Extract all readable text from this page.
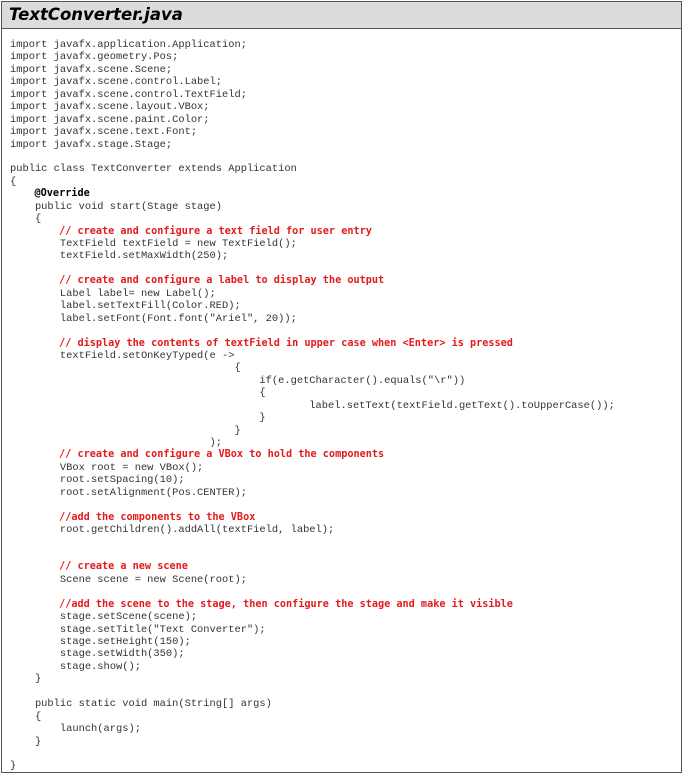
TextConverter.java
import javafx.application.Application;
import javafx.geometry.Pos;
import javafx.scene.Scene;
import javafx.scene.control.Label;
import javafx.scene.control.TextField;
import javafx.scene.layout.VBox;
import javafx.scene.paint.Color;
import javafx.scene.text.Font;
import javafx.stage.Stage;
public class TextConverter extends Application
{
@Override
public void start(Stage stage)
{
// create and configure a text field for user entry
TextField textField = new TextField();
textField.setMaxWidth(250);
// create and configure a label to display the output
Label label= new Label();
label.setTextFill(Color.RED);
label.setFont(Font.font("Ariel", 20));
// display the contents of textField in upper case when <Enter> is pressed
textField.setOnKeyTyped(e ->
{
if(e.getCharacter().equals("\r"))
{
label.setText(textField.getText().toUpperCase());
}
}
);
// create and configure a VBox to hold the components
VBox root = new VBox();
root.setSpacing(10);
root.setAlignment(Pos.CENTER);
//add the components to the VBox
root.getChildren().addAll(textField, label);
// create a new scene
Scene scene = new Scene(root);
//add the scene to the stage, then configure the stage and make it visible
stage.setScene(scene);
stage.setTitle("Text Converter");
stage.setHeight(150);
stage.setWidth(350);
stage.show();
}
public static void main(String[] args)
{
launch(args);
}
}
